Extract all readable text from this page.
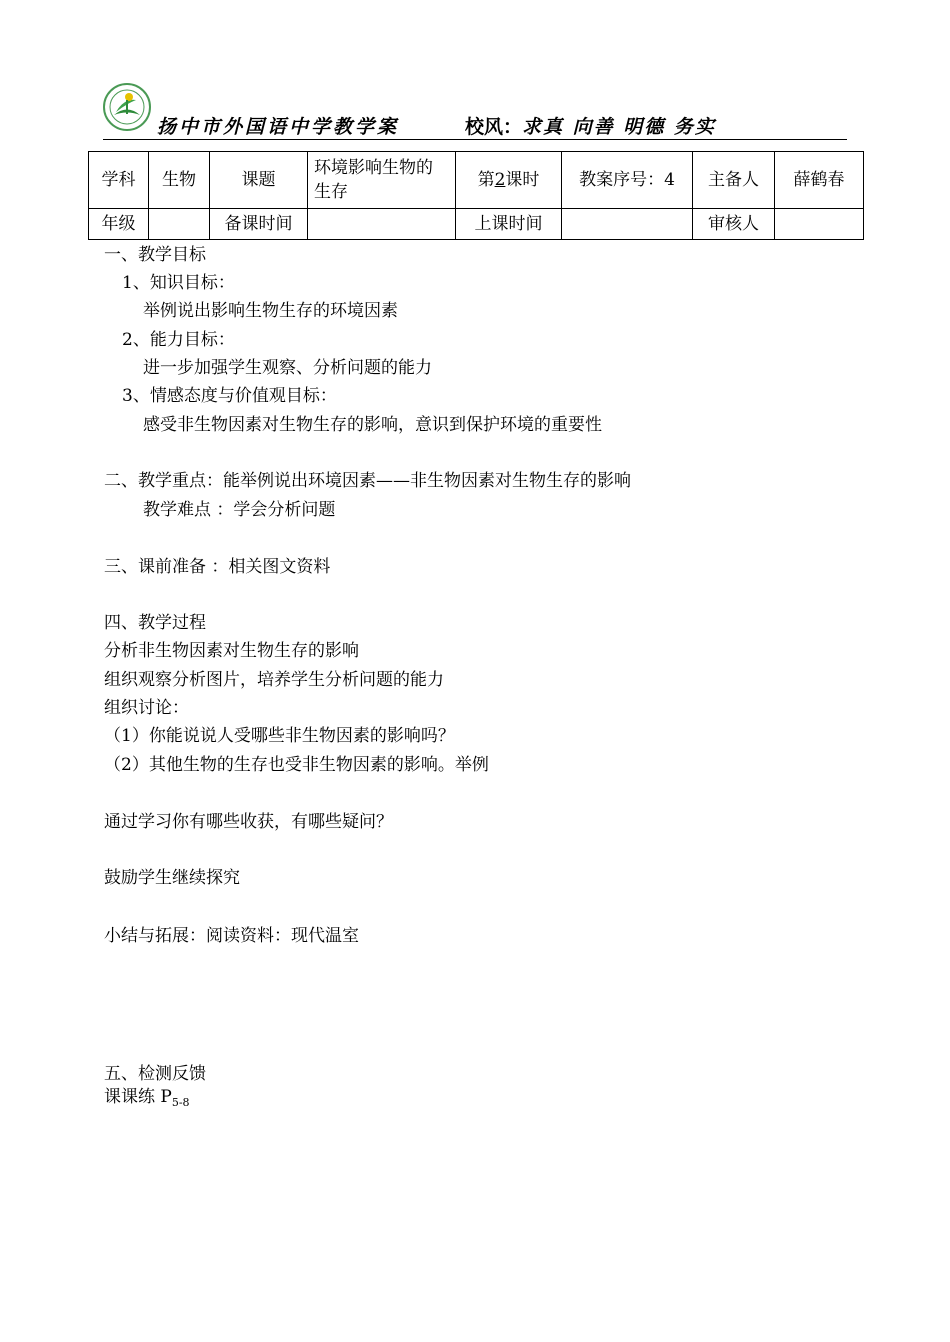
扬中市外国语中学教学案	校风：求真 向善 明德 务实
学科	生物	课题	环境影响生物的生存	第2课时	教案序号：4	主备人	薛鹤春
年级		备课时间		上课时间		审核人	
一、教学目标
1、知识目标：
举例说出影响生物生存的环境因素
2、能力目标：
进一步加强学生观察、分析问题的能力
3、情感态度与价值观目标：
感受非生物因素对生物生存的影响，意识到保护环境的重要性
二、教学重点：能举例说出环境因素——非生物因素对生物生存的影响
教学难点 ：学会分析问题
三、课前准备 ：相关图文资料
四、教学过程
分析非生物因素对生物生存的影响
组织观察分析图片，培养学生分析问题的能力
组织讨论：
（1）你能说说人受哪些非生物因素的影响吗？
（2）其他生物的生存也受非生物因素的影响。举例
通过学习你有哪些收获，有哪些疑问？
鼓励学生继续探究
小结与拓展：阅读资料：现代温室
五、检测反馈
课课练 $P_{5-8}$
